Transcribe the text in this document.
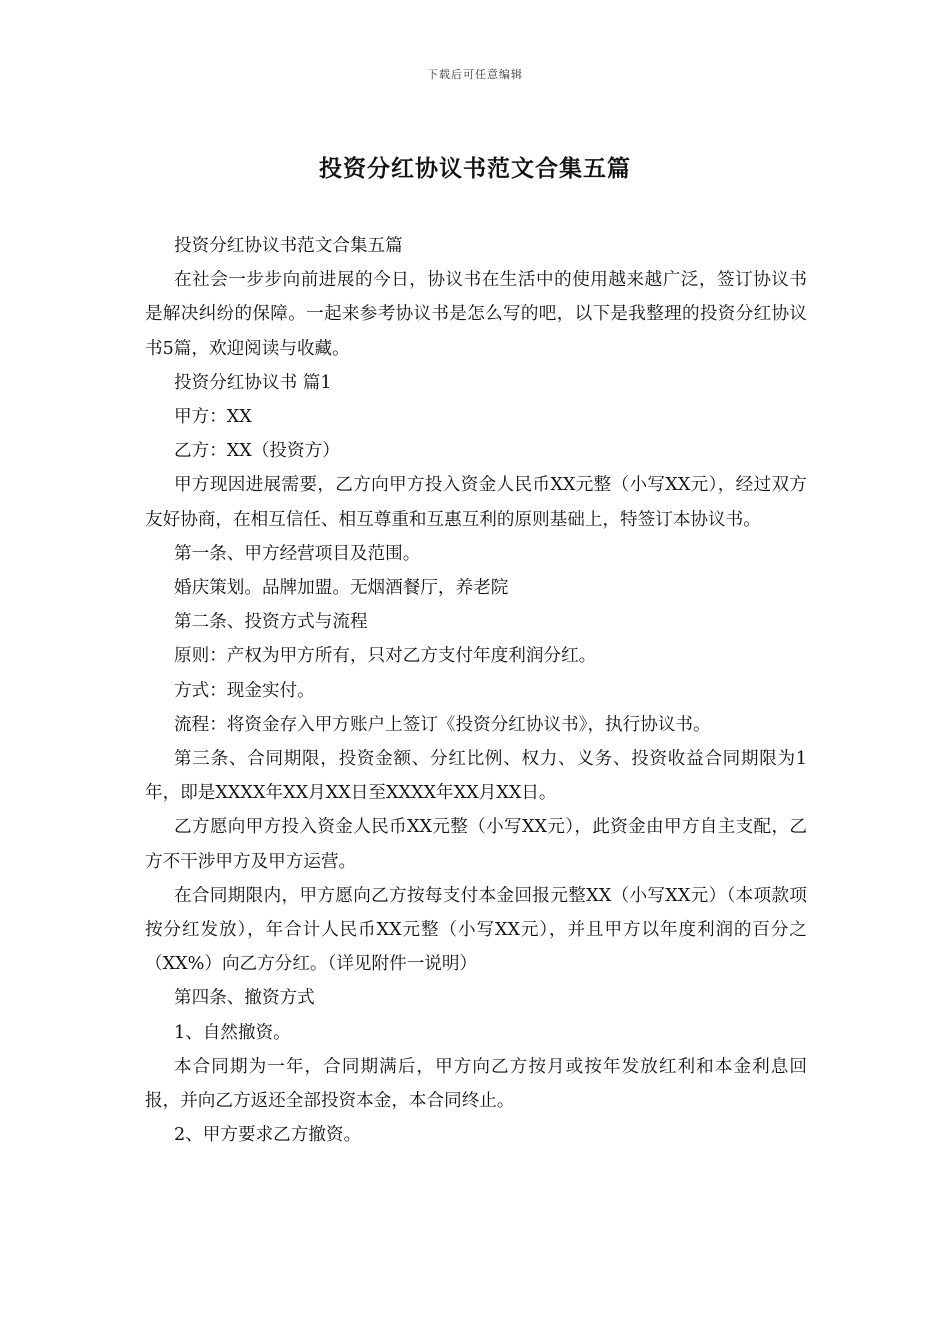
下载后可任意编辑
投资分红协议书范文合集五篇

投资分红协议书范文合集五篇

在社会一步步向前进展的今日，协议书在生活中的使用越来越广泛，签订协议书是解决纠纷的保障。一起来参考协议书是怎么写的吧，以下是我整理的投资分红协议书5篇，欢迎阅读与收藏。

投资分红协议书 篇1

甲方：XX

乙方：XX（投资方）

甲方现因进展需要，乙方向甲方投入资金人民币XX元整（小写XX元），经过双方友好协商，在相互信任、相互尊重和互惠互利的原则基础上，特签订本协议书。

第一条、甲方经营项目及范围。

婚庆策划。品牌加盟。无烟酒餐厅，养老院

第二条、投资方式与流程

原则：产权为甲方所有，只对乙方支付年度利润分红。

方式：现金实付。

流程：将资金存入甲方账户上签订《投资分红协议书》，执行协议书。

第三条、合同期限，投资金额、分红比例、权力、义务、投资收益合同期限为1年，即是XXXX年XX月XX日至XXXX年XX月XX日。

乙方愿向甲方投入资金人民币XX元整（小写XX元），此资金由甲方自主支配，乙方不干涉甲方及甲方运营。

在合同期限内，甲方愿向乙方按每支付本金回报元整XX（小写XX元）（本项款项按分红发放），年合计人民币XX元整（小写XX元），并且甲方以年度利润的百分之（XX%）向乙方分红。（详见附件一说明）

第四条、撤资方式

1、自然撤资。

本合同期为一年，合同期满后，甲方向乙方按月或按年发放红利和本金利息回报，并向乙方返还全部投资本金，本合同终止。

2、甲方要求乙方撤资。
